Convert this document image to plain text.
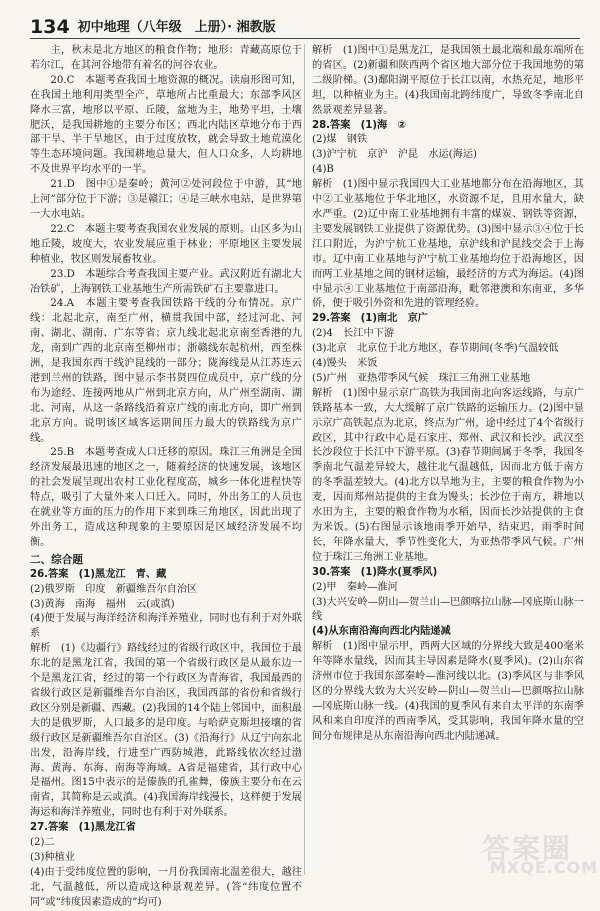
134 初中地理（八年级　上册）· 湘教版

主，秋末是北方地区的粮食作物；地形：青藏高原位于若尔江，在其河谷地带有着名的河谷农业。

20.C　本题考查我国土地资源的概况。读扇形图可知，在我国土地利用类型全产，草地所占比重最大；东部季风区降水三富，地形以平原、丘陵，盆地为主，地势平坦，土壤肥沃，是我国耕地的主要分布区；西北内陆区草地分布于西部干旱、半干旱地区，由于过度放牧，就会导致土地荒漠化等生态环境问题。我国耕地总量大，但人口众多，人均耕地不及世界平均水平的一半。

21.D　图中①是秦岭；黄河②处河段位于中游，其“地上河”部分位于下游；③是赣江；④是三峡水电站，是世界第一大水电站。

22.C　本题主要考查我国农业发展的原则。山区多为山地丘陵，坡度大，农业发展应重于林业；平原地区主要发展种植业，牧区则发展畜牧业。

23.D　本题综合考查我国主要产业。武汉附近有湖北大冶铁矿，上海钢铁工业基地生产所需铁矿石主要靠进口。

24.A　本题主要考查我国铁路干线的分布情况。京广线：北起北京，南至广州，横贯我国中部，经过河北、河南、湖北、湖南、广东等省；京九线北起北京南至香港的九龙，南到广西的北京南至柳州市；浙赣线东起杭州，西至株洲，是我国东西干线沪昆线的一部分；陇海线是从江苏连云港到兰州的铁路，图中显示李书贤四位成员中，京广线的分布为途经、连接两地从广州到北京方向，从广州至湖南、湖北、河南，从这一条路线沿着京广线的南北方向，即广州到北京方向。说明该区域客运期间压力最大的铁路线为京广线。

25.B　本题考查成人口迁移的原因。珠江三角洲是全国经济发展最迅速的地区之一，随着经济的快速发展，该地区的社会发展呈现出农村工业化程度高，城乡一体化进程快等特点，吸引了大量外来人口迁入。同时，外出务工的人员也在就业等方面的压力的作用下来到珠三角地区，因此出现了外出务工，造成这种现象的主要原因是区域经济发展不均衡。

二、综合题

26.答案　(1)黑龙江　青、藏

(2)俄罗斯　印度　新疆维吾尔自治区

(3)黄海　南海　福州　云(或滇)

(4)便于发展与海洋经济和海洋养殖业，同时也有利于对外联系

解析　(1)《边疆行》路线经过的省级行政区中，我国位于最东北的是黑龙江省，我国的第一个省级行政区是从最东边一个是黑龙江省，经过的第一个行政区为青海省，我国最西的省级行政区是新疆维吾尔自治区，我国西部的省份和省级行政区分别是新疆、西藏。(2)我国的14个陆上邻国中，面积最大的是俄罗斯，人口最多的是印度。与哈萨克斯坦接壤的省级行政区是新疆维吾尔自治区。(3)《沿海行》从辽宁向东北出发，沿海岸线，行进至广西防城港，此路线依次经过渤海、黄海、东海、南海等海域。A省是福建省，其行政中心是福州。图15中表示的是傣族的孔雀舞，傣族主要分布在云南省，其简称是云或滇。(4)我国海岸线漫长，这样便于发展海运和海洋养殖业，同时也有利于对外联系。

27.答案　(1)黑龙江省

(2)二

(3)种植业

(4)由于受纬度位置的影响，一月份我国南北温差很大，越往北，气温越低，所以造成这种景观差异。(答“纬度位置不同”或“纬度因素造成的”均可)

解析　(1)图中①是黑龙江，是我国领土最北端和最东端所在的省区。(2)新疆和陕西两个省区地大部分位于我国地势的第二级阶梯。(3)鄱阳湖平原位于长江以南，水热充足，地形平坦，以种植业为主。(4)我国南北跨纬度广，导致冬季南北自然景观差异显著。

28.答案　(1)海　②

(2)煤　钢铁

(3)沪宁杭　京沪　沪昆　水运(海运)

(4)B

解析　(1)图中显示我国四大工业基地都分布在沿海地区，其中②工业基地位于华北地区，水资源不足，且用水量大，缺水严重。(2)辽中南工业基地拥有丰富的煤炭、钢铁等资源，主要发展钢铁工业提供了资源优势。(3)图中显示③④位于长江口附近，为沪宁杭工业基地，京沪线和沪昆线交会于上海市。辽中南工业基地与沪宁杭工业基地均位于沿海地区，因而两工业基地之间的钢材运输，最经济的方式为海运。(4)图中显示④工业基地位于南部沿海，毗邻港澳和东南亚，多华侨，便于吸引外资和先进的管理经验。

29.答案　(1)南北　京广

(2)4　长江中下游

(3)北京　北京位于北方地区，春节期间(冬季)气温较低

(4)馒头　米饭

(5)广州　亚热带季风气候　珠江三角洲工业基地

解析　(1)图中显示京广高铁为我国南北向客运线路，与京广铁路基本一致，大大缓解了京广铁路的运输压力。(2)图中显示京广高铁起点为北京，终点为广州，途中经过了4个省级行政区，其中行政中心是石家庄、郑州、武汉和长沙。武汉至长沙段位于长江中下游平原。(3)春节期间属于冬季，我国冬季南北气温差异较大，越往北气温越低，因而北方低于南方的冬季温差较大。(4)北方以旱地为主，主要的粮食作物为小麦，因而郑州站提供的主食为馒头；长沙位于南方，耕地以水田为主，主要的粮食作物为水稻，因而长沙站提供的主食为米饭。(5)右图显示该地雨季开始早，结束迟，雨季时间长，年降水量大，季节性变化大，为亚热带季风气候。广州位于珠江三角洲工业基地。

30.答案　(1)降水(夏季风)

(2)甲　秦岭—淮河

(3)大兴安岭—阴山—贺兰山—巴颜喀拉山脉—冈底斯山脉一线

(4)从东南沿海向西北内陆递减

解析　(1)图中显示甲，西两大区域的分界线大致是400毫米年等降水量线，因而其主导因素是降水(夏季风)。(2)山东省济州市位于我国东部秦岭—淮河线以北。(3)季风区与非季风区的分界线大致为大兴安岭—阴山—贺兰山—巴颜喀拉山脉—冈底斯山脉一线。(4)我国的夏季风有来自太平洋的东南季风和来自印度洋的西南季风，受其影响，我国年降水量的空间分布规律是从东南沿海向西北内陆递减。

答案圈
MXQE.COM
